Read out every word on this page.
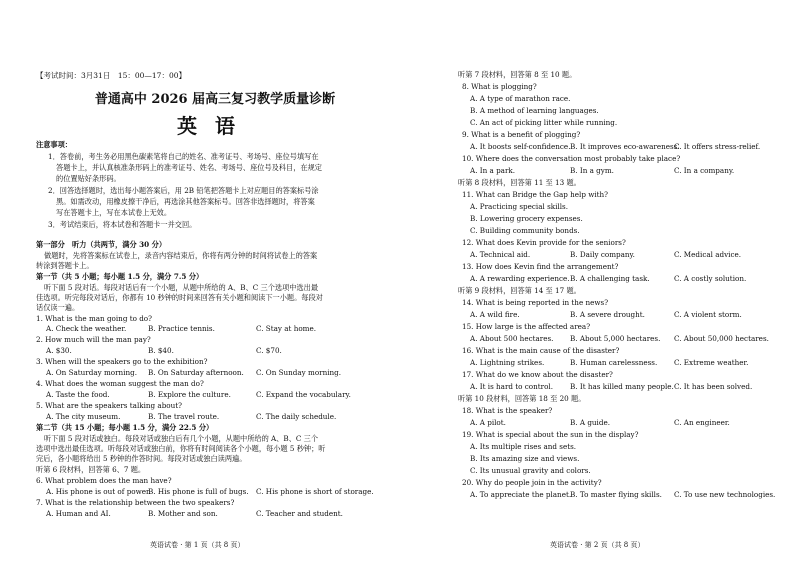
【考试时间：3月31日　15：00—17：00】
普通高中 2026 届高三复习教学质量诊断
英语
注意事项：
1．答卷前，考生务必用黑色碳素笔将自己的姓名、准考证号、考场号、座位号填写在
答题卡上，并认真核准条形码上的准考证号、姓名、考场号、座位号及科目，在规定
的位置贴好条形码。
2．回答选择题时，选出每小题答案后，用 2B 铅笔把答题卡上对应题目的答案标号涂
黑。如需改动，用橡皮擦干净后，再选涂其他答案标号。回答非选择题时，将答案
写在答题卡上，写在本试卷上无效。
3．考试结束后，将本试卷和答题卡一并交回。
第一部分　听力（共两节，满分 30 分）
做题时，先将答案标在试卷上，录音内容结束后，你将有两分钟的时间将试卷上的答案
转涂到答题卡上。
第一节（共 5 小题；每小题 1.5 分，满分 7.5 分）
听下面 5 段对话。每段对话后有一个小题，从题中所给的 A、B、C 三个选项中选出最
佳选项。听完每段对话后，你都有 10 秒钟的时间来回答有关小题和阅读下一小题。每段对
话仅读一遍。
1. What is the man going to do?
A. Check the weather.	B. Practice tennis.	C. Stay at home.
2. How much will the man pay?
A. $30.	B. $40.	C. $70.
3. When will the speakers go to the exhibition?
A. On Saturday morning. B. On Saturday afternoon. C. On Sunday morning.
4. What does the woman suggest the man do?
A. Taste the food.	B. Explore the culture.	C. Expand the vocabulary.
5. What are the speakers talking about?
A. The city museum.	B. The travel route.	C. The daily schedule.
第二节（共 15 小题；每小题 1.5 分，满分 22.5 分）
听下面 5 段对话或独白。每段对话或独白后有几个小题，从题中所给的 A、B、C 三个
选项中选出最佳选项。听每段对话或独白前，你将有时间阅读各个小题，每小题 5 秒钟；听
完后，各小题将给出 5 秒钟的作答时间。每段对话或独白读两遍。
听第 6 段材料，回答第 6、7 题。
6. What problem does the man have?
A. His phone is out of power.
B. His phone is full of bugs. C. His phone is short of storage.
7. What is the relationship between the two speakers?
A. Human and AI.	B. Mother and son.	C. Teacher and student.
英语试卷 · 第 1 页（共 8 页）
听第 7 段材料，回答第 8 至 10 题。
8. What is plogging?
A. A type of marathon race.
B. A method of learning languages.
C. An act of picking litter while running.
9. What is a benefit of plogging?
A. It boosts self-confidence. B. It improves eco-awareness.
C. It offers stress-relief.
10. Where does the conversation most probably take place?
A. In a park.	B. In a gym.	C. In a company.
听第 8 段材料，回答第 11 至 13 题。
11. What can Bridge the Gap help with?
A. Practicing special skills.
B. Lowering grocery expenses.
C. Building community bonds.
12. What does Kevin provide for the seniors?
A. Technical aid.	B. Daily company.	C. Medical advice.
13. How does Kevin find the arrangement?
A. A rewarding experience. B. A challenging task.	C. A costly solution.
听第 9 段材料，回答第 14 至 17 题。
14. What is being reported in the news?
A. A wild fire.	B. A severe drought.	C. A violent storm.
15. How large is the affected area?
A. About 500 hectares. B. About 5,000 hectares. C. About 50,000 hectares.
16. What is the main cause of the disaster?
A. Lightning strikes.	B. Human carelessness. C. Extreme weather.
17. What do we know about the disaster?
A. It is hard to control. B. It has killed many people. C. It has been solved.
听第 10 段材料，回答第 18 至 20 题。
18. What is the speaker?
A. A pilot.	B. A guide.	C. An engineer.
19. What is special about the sun in the display?
A. Its multiple rises and sets.
B. Its amazing size and views.
C. Its unusual gravity and colors.
20. Why do people join in the activity?
A. To appreciate the planet.
B. To master flying skills. C. To use new technologies.
英语试卷 · 第 2 页（共 8 页）
